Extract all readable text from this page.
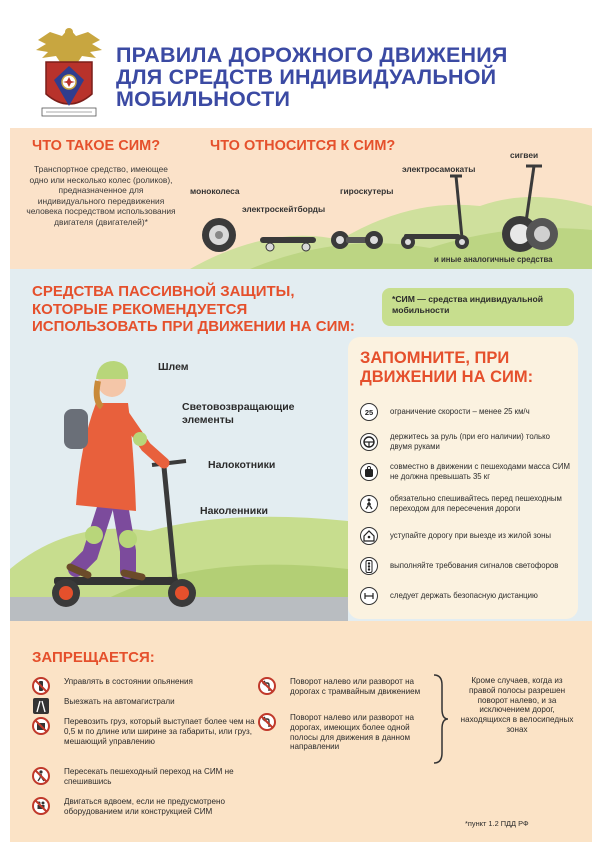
ПРАВИЛА ДОРОЖНОГО ДВИЖЕНИЯ
ДЛЯ СРЕДСТВ ИНДИВИДУАЛЬНОЙ
МОБИЛЬНОСТИ
ЧТО ТАКОЕ СИМ?	ЧТО ОТНОСИТСЯ К СИМ?
Транспортное средство, имеющее одно или несколько колес (роликов), предназначенное для индивидуального передвижения человека посредством использования двигателя (двигателей)*
моноколеса
электроскейтборды
гироскутеры
электросамокаты
сигвеи
и иные аналогичные средства
СРЕДСТВА ПАССИВНОЙ ЗАЩИТЫ, КОТОРЫЕ РЕКОМЕНДУЕТСЯ ИСПОЛЬЗОВАТЬ ПРИ ДВИЖЕНИИ НА СИМ:
*СИМ — средства индивидуальной мобильности
Шлем
Световозвращающие элементы
Налокотники
Наколенники
ЗАПОМНИТЕ, ПРИ ДВИЖЕНИИ НА СИМ:
25	ограничение скорости – менее 25 км/ч
держитесь за руль (при его наличии) только двумя руками
совместно в движении с пешеходами масса СИМ не должна превышать 35 кг
обязательно спешивайтесь перед пешеходным переходом для пересечения дороги
уступайте дорогу при выезде из жилой зоны
выполняйте требования сигналов светофоров
следует держать безопасную дистанцию
ЗАПРЕЩАЕТСЯ:
Управлять в состоянии опьянения
Выезжать на автомагистрали
Перевозить груз, который выступает более чем на 0,5 м по длине или ширине за габариты, или груз, мешающий управлению
Пересекать пешеходный переход на СИМ не спешившись
Двигаться вдвоем, если не предусмотрено оборудованием или конструкцией СИМ
Поворот налево или разворот на дорогах с трамвайным движением
Поворот налево или разворот на дорогах, имеющих более одной полосы для движения в данном направлении
Кроме случаев, когда из правой полосы разрешен поворот налево, и за исключением дорог, находящихся в велосипедных зонах
*пункт 1.2 ПДД РФ
